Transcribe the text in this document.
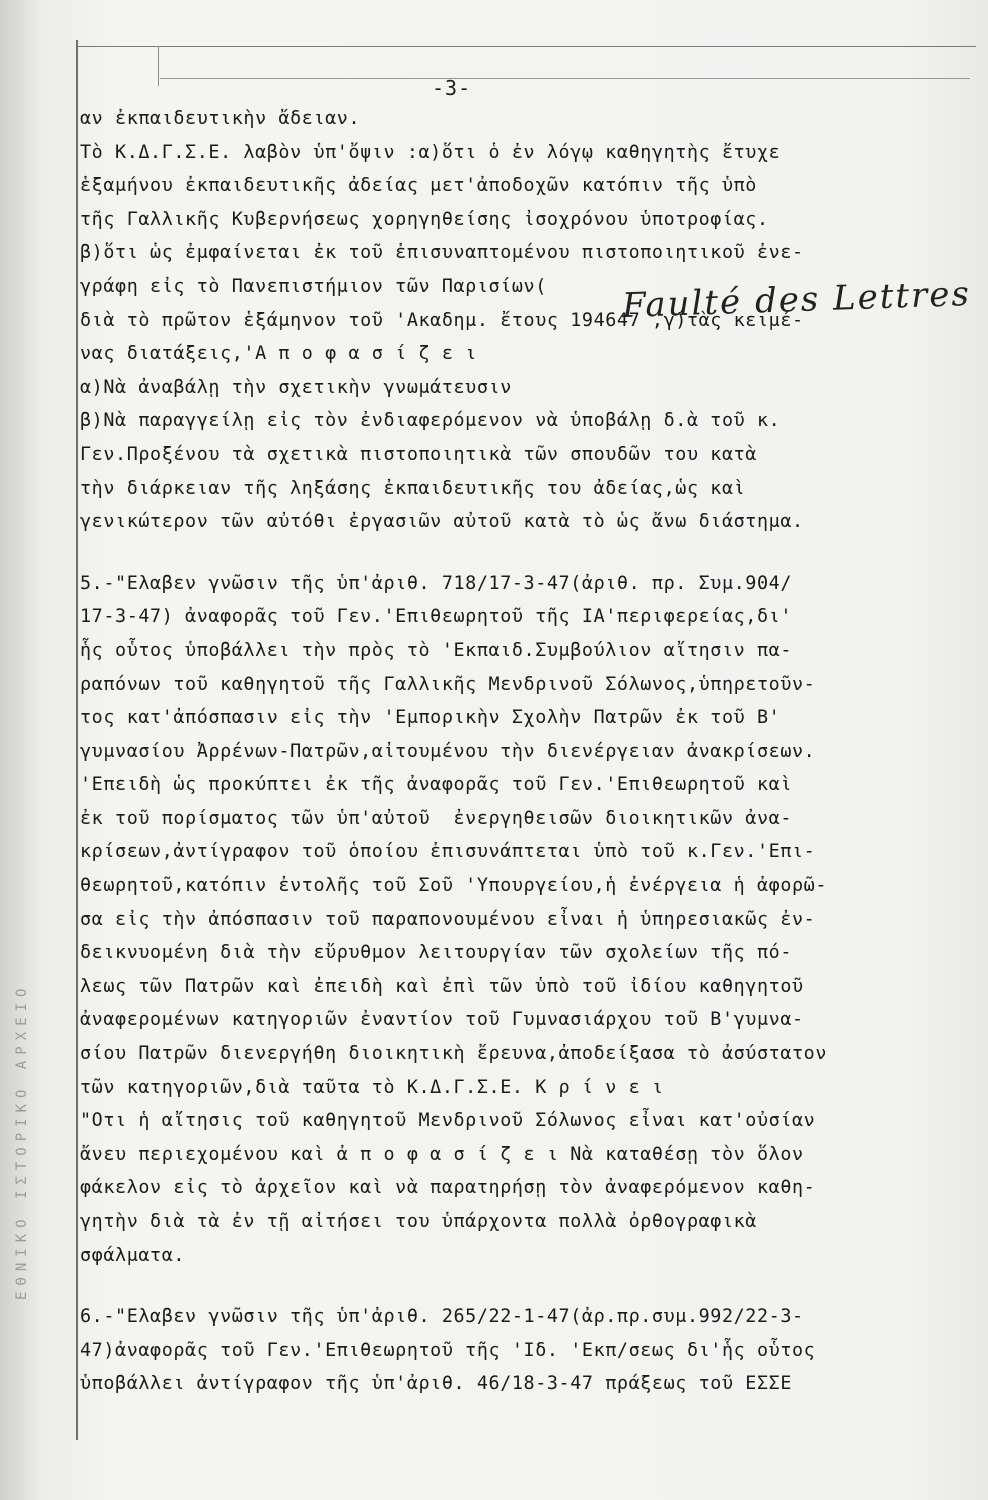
ΕΘΝΙΚΟ ΙΣΤΟΡΙΚΟ ΑΡΧΕΙΟ
-3-
αν ἐκπαιδευτικὴν ἄδειαν.
Τὸ Κ.Δ.Γ.Σ.Ε. λαβὸν ὑπ'ὄψιν :α)ὅτι ὁ ἐν λόγῳ καθηγητὴς ἔτυχε
ἑξαμήνου ἐκπαιδευτικῆς ἀδείας μετ'ἀποδοχῶν κατόπιν τῆς ὑπὸ
τῆς Γαλλικῆς Κυβερνήσεως χορηγηθείσης ἰσοχρόνου ὑποτροφίας.
β)ὅτι ὡς ἐμφαίνεται ἐκ τοῦ ἐπισυναπτομένου πιστοποιητικοῦ ἐνε-
γράφη εἰς τὸ Πανεπιστήμιον τῶν Παρισίων(
διὰ τὸ πρῶτον ἑξάμηνον τοῦ 'Ακαδημ. ἔτους 194647 ,γ)τὰς κειμέ-
νας διατάξεις,'Α π ο φ α σ ί ζ ε ι
α)Νὰ ἀναβάλῃ τὴν σχετικὴν γνωμάτευσιν
β)Νὰ παραγγείλῃ εἰς τὸν ἐνδιαφερόμενον νὰ ὑποβάλῃ δ.ὰ τοῦ κ.
Γεν.Προξένου τὰ σχετικὰ πιστοποιητικὰ τῶν σπουδῶν του κατὰ
τὴν διάρκειαν τῆς ληξάσης ἐκπαιδευτικῆς του ἀδείας,ὡς καὶ
γενικώτερον τῶν αὐτόθι ἐργασιῶν αὐτοῦ κατὰ τὸ ὡς ἄνω διάστημα.
5.-"Ελαβεν γνῶσιν τῆς ὑπ'ἀριθ. 718/17-3-47(ἀριθ. πρ. Συμ.904/
17-3-47) ἀναφορᾶς τοῦ Γεν.'Επιθεωρητοῦ τῆς ΙΑ'περιφερείας,δι'
ἧς οὗτος ὑποβάλλει τὴν πρὸς τὸ 'Εκπαιδ.Συμβούλιον αἴτησιν πα-
ραπόνων τοῦ καθηγητοῦ τῆς Γαλλικῆς Μενδρινοῦ Σόλωνος,ὑπηρετοῦν-
τος κατ'ἀπόσπασιν εἰς τὴν 'Εμπορικὴν Σχολὴν Πατρῶν ἐκ τοῦ Β'
γυμνασίου Ἀρρένων-Πατρῶν,αἰτουμένου τὴν διενέργειαν ἀνακρίσεων.
'Επειδὴ ὡς προκύπτει ἐκ τῆς ἀναφορᾶς τοῦ Γεν.'Επιθεωρητοῦ καὶ
ἐκ τοῦ πορίσματος τῶν ὑπ'αὐτοῦ  ἐνεργηθεισῶν διοικητικῶν ἀνα-
κρίσεων,ἀντίγραφον τοῦ ὁποίου ἐπισυνάπτεται ὑπὸ τοῦ κ.Γεν.'Επι-
θεωρητοῦ,κατόπιν ἐντολῆς τοῦ Σοῦ 'Υπουργείου,ἡ ἐνέργεια ἡ ἀφορῶ-
σα εἰς τὴν ἀπόσπασιν τοῦ παραπονουμένου εἶναι ἡ ὑπηρεσιακῶς ἐν-
δεικνυομένη διὰ τὴν εὔρυθμον λειτουργίαν τῶν σχολείων τῆς πό-
λεως τῶν Πατρῶν καὶ ἐπειδὴ καὶ ἐπὶ τῶν ὑπὸ τοῦ ἰδίου καθηγητοῦ
ἀναφερομένων κατηγοριῶν ἐναντίον τοῦ Γυμνασιάρχου τοῦ Β'γυμνα-
σίου Πατρῶν διενεργήθη διοικητικὴ ἔρευνα,ἀποδείξασα τὸ ἀσύστατον
τῶν κατηγοριῶν,διὰ ταῦτα τὸ Κ.Δ.Γ.Σ.Ε. Κ ρ ί ν ε ι
"Οτι ἡ αἴτησις τοῦ καθηγητοῦ Μενδρινοῦ Σόλωνος εἶναι κατ'οὐσίαν
ἄνευ περιεχομένου καὶ ἀ π ο φ α σ ί ζ ε ι Νὰ καταθέσῃ τὸν ὅλον
φάκελον εἰς τὸ ἀρχεῖον καὶ νὰ παρατηρήσῃ τὸν ἀναφερόμενον καθη-
γητὴν διὰ τὰ ἐν τῇ αἰτήσει του ὑπάρχοντα πολλὰ ὀρθογραφικὰ
σφάλματα.
6.-"Ελαβεν γνῶσιν τῆς ὑπ'ἀριθ. 265/22-1-47(ἀρ.πρ.συμ.992/22-3-
47)ἀναφορᾶς τοῦ Γεν.'Επιθεωρητοῦ τῆς 'Ιδ. 'Εκπ/σεως δι'ἧς οὗτος
ὑποβάλλει ἀντίγραφον τῆς ὑπ'ἀριθ. 46/18-3-47 πράξεως τοῦ ΕΣΣΕ
Faulté des Lettres
